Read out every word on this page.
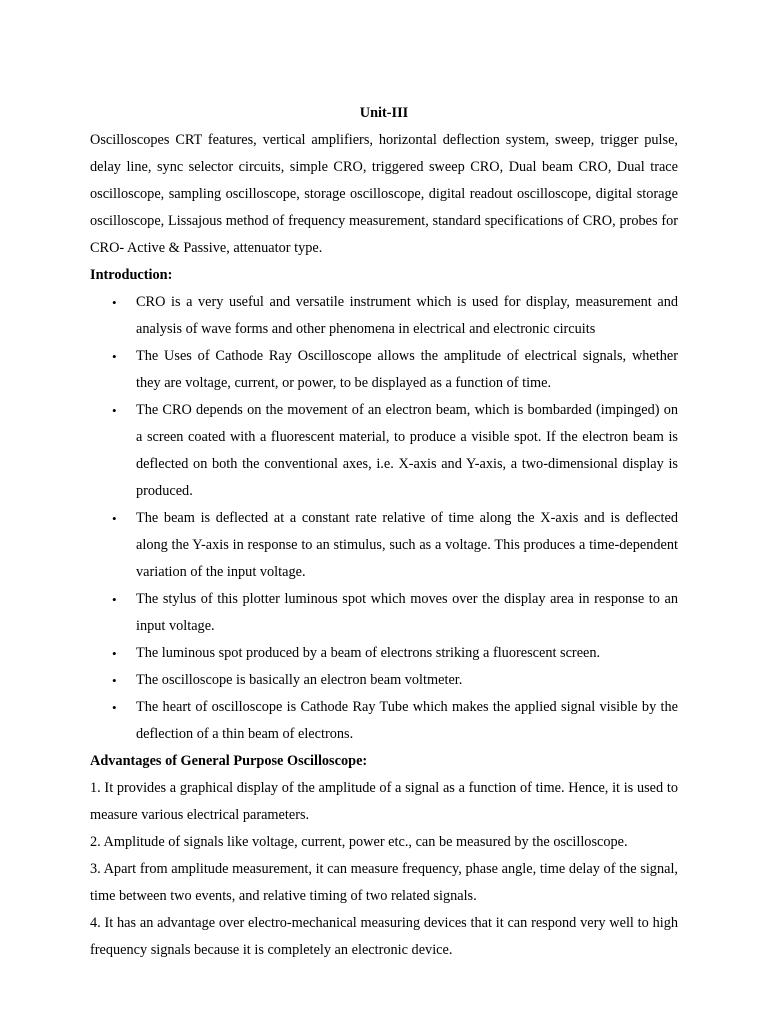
Unit-III

Oscilloscopes CRT features, vertical amplifiers, horizontal deflection system, sweep, trigger pulse, delay line, sync selector circuits, simple CRO, triggered sweep CRO, Dual beam CRO, Dual trace oscilloscope, sampling oscilloscope, storage oscilloscope, digital readout oscilloscope, digital storage oscilloscope, Lissajous method of frequency measurement, standard specifications of CRO, probes for CRO- Active & Passive, attenuator type.

Introduction:

• CRO is a very useful and versatile instrument which is used for display, measurement and analysis of wave forms and other phenomena in electrical and electronic circuits
• The Uses of Cathode Ray Oscilloscope allows the amplitude of electrical signals, whether they are voltage, current, or power, to be displayed as a function of time.
• The CRO depends on the movement of an electron beam, which is bombarded (impinged) on a screen coated with a fluorescent material, to produce a visible spot. If the electron beam is deflected on both the conventional axes, i.e. X-axis and Y-axis, a two-dimensional display is produced.
• The beam is deflected at a constant rate relative of time along the X-axis and is deflected along the Y-axis in response to an stimulus, such as a voltage. This produces a time-dependent variation of the input voltage.
• The stylus of this plotter luminous spot which moves over the display area in response to an input voltage.
• The luminous spot produced by a beam of electrons striking a fluorescent screen.
• The oscilloscope is basically an electron beam voltmeter.
• The heart of oscilloscope is Cathode Ray Tube which makes the applied signal visible by the deflection of a thin beam of electrons.

Advantages of General Purpose Oscilloscope:

1. It provides a graphical display of the amplitude of a signal as a function of time. Hence, it is used to measure various electrical parameters.

2. Amplitude of signals like voltage, current, power etc., can be measured by the oscilloscope.

3. Apart from amplitude measurement, it can measure frequency, phase angle, time delay of the signal, time between two events, and relative timing of two related signals.

4. It has an advantage over electro-mechanical measuring devices that it can respond very well to high frequency signals because it is completely an electronic device.
